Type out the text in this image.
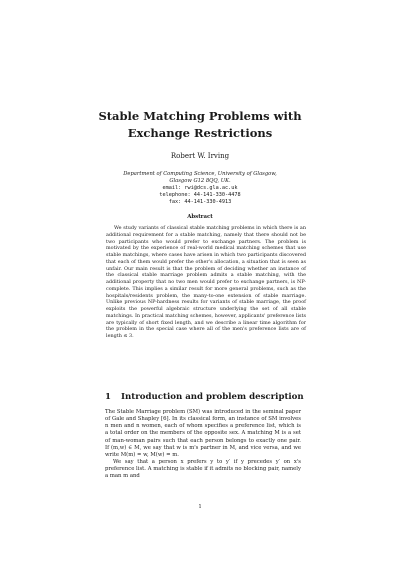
Stable Matching Problems with
Exchange Restrictions
Robert W. Irving
Department of Computing Science, University of Glasgow,
Glasgow G12 8QQ, UK.
email: rwi@dcs.gla.ac.uk
telephone: 44-141-330-4478
fax: 44-141-330-4913
Abstract

We study variants of classical stable matching problems in which there is an additional requirement for a stable matching, namely that there should not be two participants who would prefer to exchange partners. The problem is motivated by the experience of real-world medical matching schemes that use stable matchings, where cases have arisen in which two participants discovered that each of them would prefer the other's allocation, a situation that is seen as unfair. Our main result is that the problem of deciding whether an instance of the classical stable marriage problem admits a stable matching, with the additional property that no two men would prefer to exchange partners, is NP-complete. This implies a similar result for more general problems, such as the hospitals/residents problem, the many-to-one extension of stable marriage. Unlike previous NP-hardness results for variants of stable marriage, the proof exploits the powerful algebraic structure underlying the set of all stable matchings. In practical matching schemes, however, applicants' preference lists are typically of short fixed length, and we describe a linear time algorithm for the problem in the special case where all of the men's preference lists are of length ≤ 3.

1 Introduction and problem description

The Stable Marriage problem (SM) was introduced in the seminal paper of Gale and Shapley [6]. In its classical form, an instance of SM involves n men and n women, each of whom specifies a preference list, which is a total order on the members of the opposite sex. A matching M is a set of man-woman pairs such that each person belongs to exactly one pair. If (m,w) ∈ M, we say that w is m's partner in M, and vice versa, and we write M(m) = w, M(w) = m.

We say that a person x prefers y to y′ if y precedes y′ on x's preference list. A matching is stable if it admits no blocking pair, namely a man m and

1
